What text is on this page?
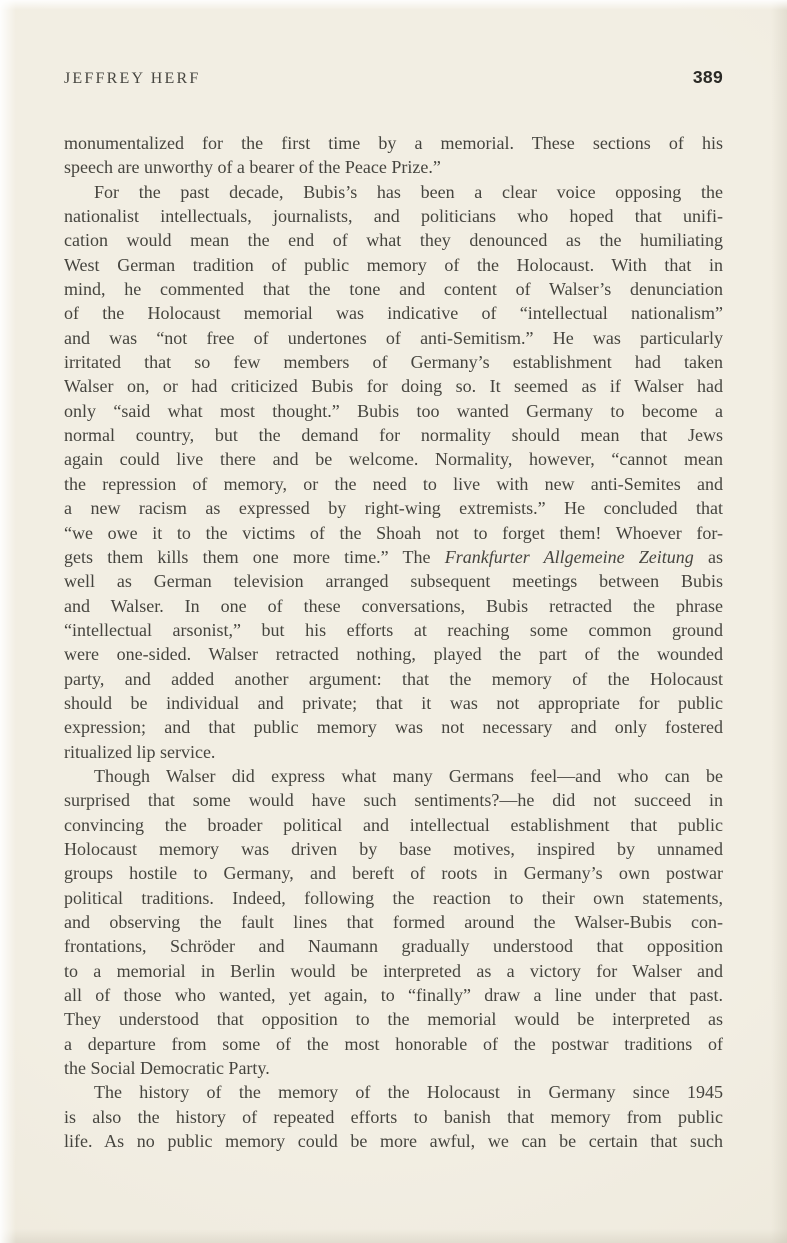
JEFFREY HERF	389
monumentalized for the first time by a memorial. These sections of his
speech are unworthy of a bearer of the Peace Prize.”
For the past decade, Bubis’s has been a clear voice opposing the
nationalist intellectuals, journalists, and politicians who hoped that unifi-
cation would mean the end of what they denounced as the humiliating
West German tradition of public memory of the Holocaust. With that in
mind, he commented that the tone and content of Walser’s denunciation
of the Holocaust memorial was indicative of “intellectual nationalism”
and was “not free of undertones of anti-Semitism.” He was particularly
irritated that so few members of Germany’s establishment had taken
Walser on, or had criticized Bubis for doing so. It seemed as if Walser had
only “said what most thought.” Bubis too wanted Germany to become a
normal country, but the demand for normality should mean that Jews
again could live there and be welcome. Normality, however, “cannot mean
the repression of memory, or the need to live with new anti-Semites and
a new racism as expressed by right-wing extremists.” He concluded that
“we owe it to the victims of the Shoah not to forget them! Whoever for-
gets them kills them one more time.” The Frankfurter Allgemeine Zeitung as
well as German television arranged subsequent meetings between Bubis
and Walser. In one of these conversations, Bubis retracted the phrase
“intellectual arsonist,” but his efforts at reaching some common ground
were one-sided. Walser retracted nothing, played the part of the wounded
party, and added another argument: that the memory of the Holocaust
should be individual and private; that it was not appropriate for public
expression; and that public memory was not necessary and only fostered
ritualized lip service.
Though Walser did express what many Germans feel—and who can be
surprised that some would have such sentiments?—he did not succeed in
convincing the broader political and intellectual establishment that public
Holocaust memory was driven by base motives, inspired by unnamed
groups hostile to Germany, and bereft of roots in Germany’s own postwar
political traditions. Indeed, following the reaction to their own statements,
and observing the fault lines that formed around the Walser-Bubis con-
frontations, Schröder and Naumann gradually understood that opposition
to a memorial in Berlin would be interpreted as a victory for Walser and
all of those who wanted, yet again, to “finally” draw a line under that past.
They understood that opposition to the memorial would be interpreted as
a departure from some of the most honorable of the postwar traditions of
the Social Democratic Party.
The history of the memory of the Holocaust in Germany since 1945
is also the history of repeated efforts to banish that memory from public
life. As no public memory could be more awful, we can be certain that such
